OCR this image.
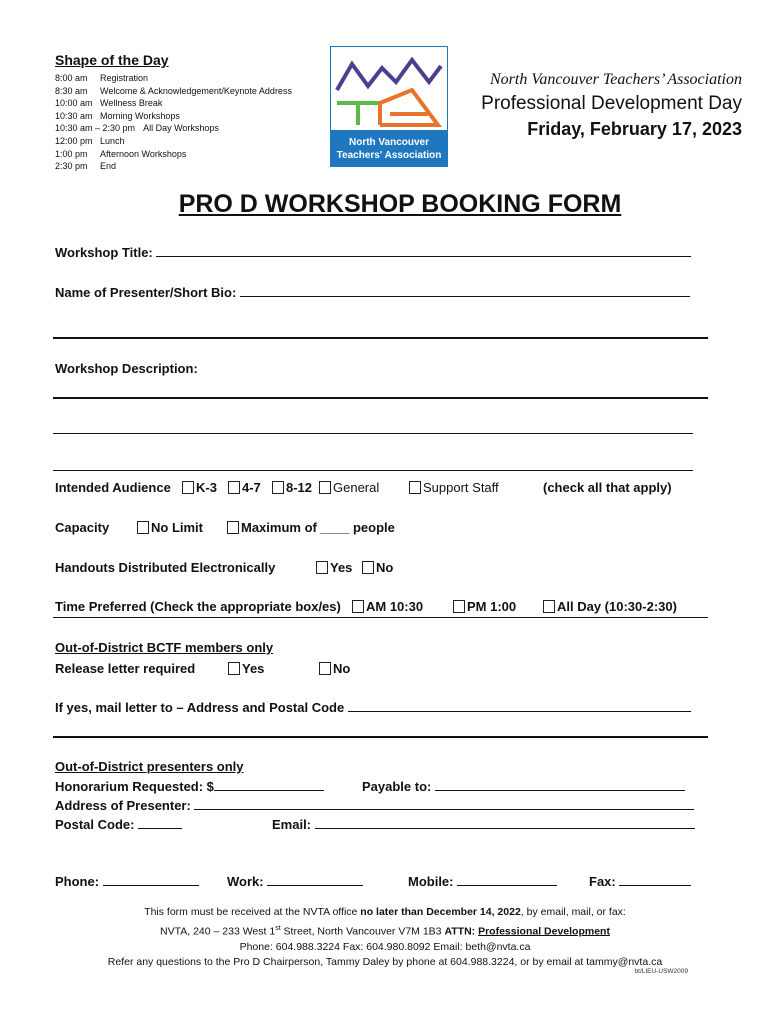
Shape of the Day
8:00 am	Registration
8:30 am	Welcome & Acknowledgement/Keynote Address
10:00 am Wellness Break
10:30 am Morning Workshops
10:30 am – 2:30 pm All Day Workshops
12:00 pm Lunch
1:00 pm	Afternoon Workshops
2:30 pm	End
North Vancouver
Teachers' Association
North Vancouver Teachers’ Association
Professional Development Day
Friday, February 17, 2023
PRO D WORKSHOP BOOKING FORM
Workshop Title:
Name of Presenter/Short Bio:
Workshop Description:
Intended Audience	K-3	4-7	8-12	General	Support Staff	(check all that apply)
Capacity	No Limit	Maximum of ____ people
Handouts Distributed Electronically	Yes	No
Time Preferred (Check the appropriate box/es)	AM 10:30	PM 1:00	All Day (10:30-2:30)
Out-of-District BCTF members only
Release letter required	Yes	No
If yes, mail letter to – Address and Postal Code
Out-of-District presenters only
Honorarium Requested: $	Payable to:
Address of Presenter:
Postal Code:	Email:
Phone:	Work:	Mobile:	Fax:
This form must be received at the NVTA office no later than December 14, 2022, by email, mail, or fax:
NVTA, 240 – 233 West 1st Street, North Vancouver V7M 1B3 ATTN: Professional Development
Phone: 604.988.3224 Fax: 604.980.8092 Email: beth@nvta.ca
Refer any questions to the Pro D Chairperson, Tammy Daley by phone at 604.988.3224, or by email at tammy@nvta.ca
bt/LIEU-USW2009
